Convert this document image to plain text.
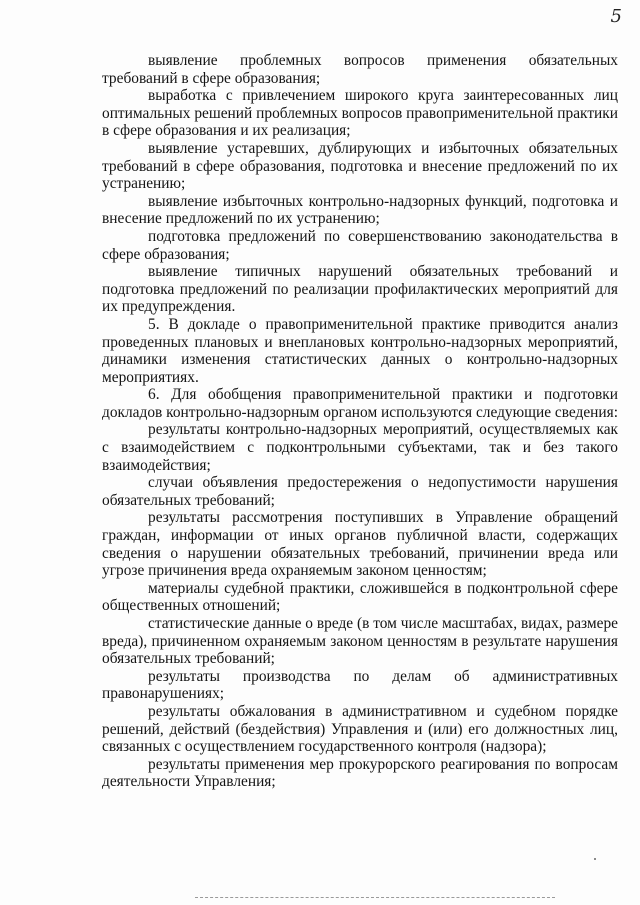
5

выявление проблемных вопросов применения обязательных требований в сфере образования;

выработка с привлечением широкого круга заинтересованных лиц оптимальных решений проблемных вопросов правоприменительной практики в сфере образования и их реализация;

выявление устаревших, дублирующих и избыточных обязательных требований в сфере образования, подготовка и внесение предложений по их устранению;

выявление избыточных контрольно-надзорных функций, подготовка и внесение предложений по их устранению;

подготовка предложений по совершенствованию законодательства в сфере образования;

выявление типичных нарушений обязательных требований и подготовка предложений по реализации профилактических мероприятий для их предупреждения.

5. В докладе о правоприменительной практике приводится анализ проведенных плановых и внеплановых контрольно-надзорных мероприятий, динамики изменения статистических данных о контрольно-надзорных мероприятиях.

6. Для обобщения правоприменительной практики и подготовки докладов контрольно-надзорным органом используются следующие сведения:

результаты контрольно-надзорных мероприятий, осуществляемых как с взаимодействием с подконтрольными субъектами, так и без такого взаимодействия;

случаи объявления предостережения о недопустимости нарушения обязательных требований;

результаты рассмотрения поступивших в Управление обращений граждан, информации от иных органов публичной власти, содержащих сведения о нарушении обязательных требований, причинении вреда или угрозе причинения вреда охраняемым законом ценностям;

материалы судебной практики, сложившейся в подконтрольной сфере общественных отношений;

статистические данные о вреде (в том числе масштабах, видах, размере вреда), причиненном охраняемым законом ценностям в результате нарушения обязательных требований;

результаты производства по делам об административных правонарушениях;

результаты обжалования в административном и судебном порядке решений, действий (бездействия) Управления и (или) его должностных лиц, связанных с осуществлением государственного контроля (надзора);

результаты применения мер прокурорского реагирования по вопросам деятельности Управления;
